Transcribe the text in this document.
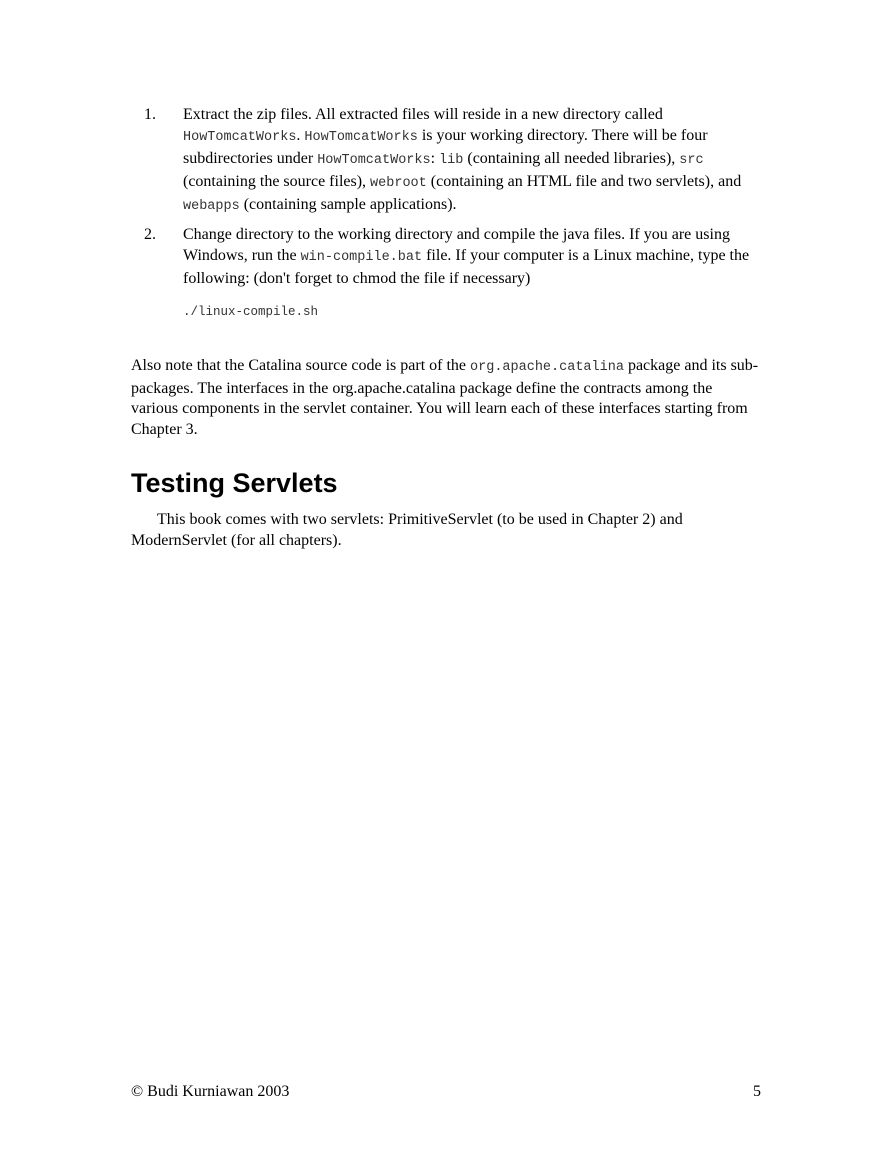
1. Extract the zip files. All extracted files will reside in a new directory called HowTomcatWorks. HowTomcatWorks is your working directory. There will be four subdirectories under HowTomcatWorks: lib (containing all needed libraries), src (containing the source files), webroot (containing an HTML file and two servlets), and webapps (containing sample applications).
2. Change directory to the working directory and compile the java files. If you are using Windows, run the win-compile.bat file. If your computer is a Linux machine, type the following: (don't forget to chmod the file if necessary)
./linux-compile.sh

Also note that the Catalina source code is part of the org.apache.catalina package and its sub-packages. The interfaces in the org.apache.catalina package define the contracts among the various components in the servlet container. You will learn each of these interfaces starting from Chapter 3.

Testing Servlets

This book comes with two servlets: PrimitiveServlet (to be used in Chapter 2) and ModernServlet (for all chapters).

© Budi Kurniawan 2003	5
